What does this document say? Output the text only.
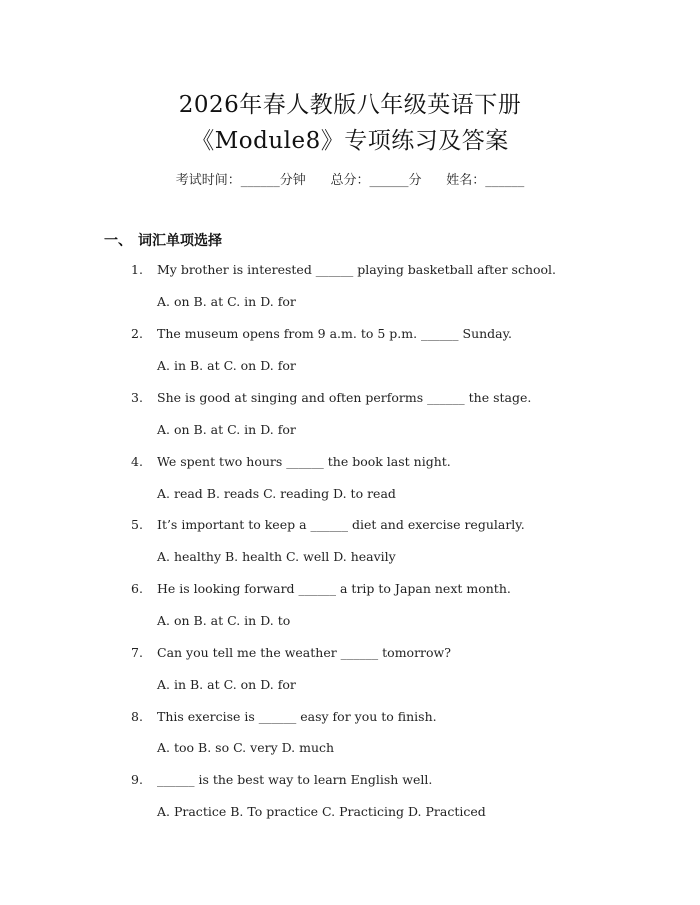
2026年春人教版八年级英语下册
《Module8》专项练习及答案
考试时间：______分钟      总分：______分      姓名：______
一、 词汇单项选择
1. My brother is interested ______ playing basketball after school.
A. on B. at C. in D. for
2. The museum opens from 9 a.m. to 5 p.m. ______ Sunday.
A. in B. at C. on D. for
3. She is good at singing and often performs ______ the stage.
A. on B. at C. in D. for
4. We spent two hours ______ the book last night.
A. read B. reads C. reading D. to read
5. It’s important to keep a ______ diet and exercise regularly.
A. healthy B. health C. well D. heavily
6. He is looking forward ______ a trip to Japan next month.
A. on B. at C. in D. to
7. Can you tell me the weather ______ tomorrow?
A. in B. at C. on D. for
8. This exercise is ______ easy for you to finish.
A. too B. so C. very D. much
9. ______ is the best way to learn English well.
A. Practice B. To practice C. Practicing D. Practiced
